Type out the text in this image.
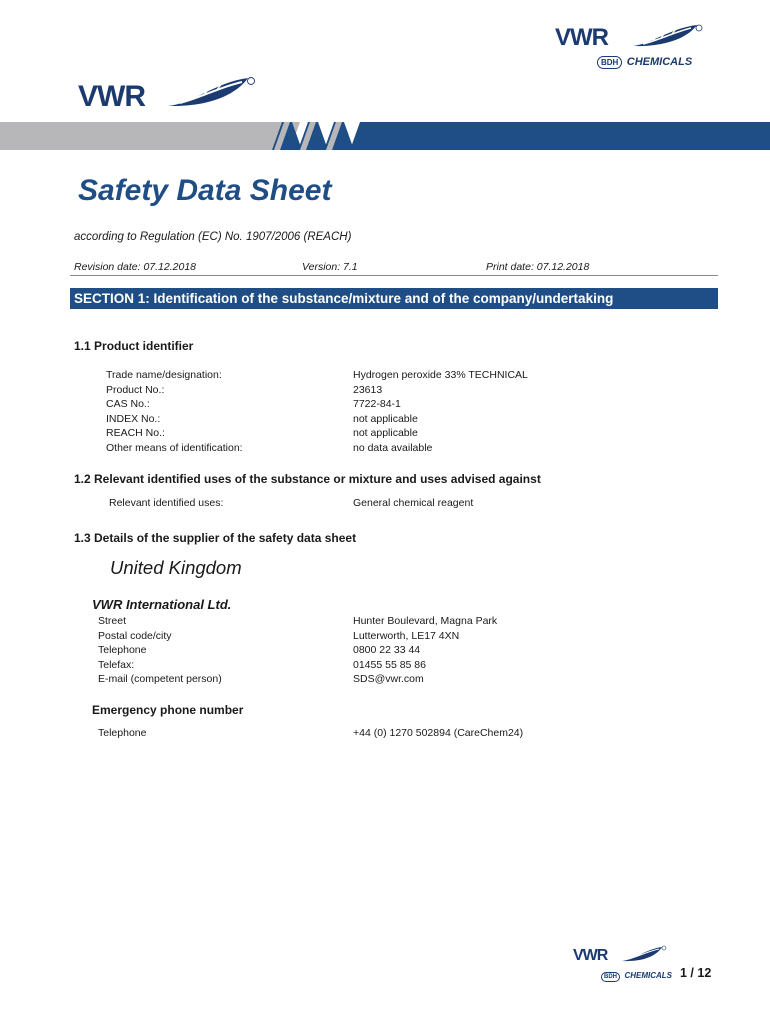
VWR
BDH CHEMICALS
VWR
Safety Data Sheet
according to Regulation (EC) No. 1907/2006 (REACH)
Revision date: 07.12.2018	Version: 7.1	Print date: 07.12.2018
SECTION 1: Identification of the substance/mixture and of the company/undertaking
1.1 Product identifier
Trade name/designation:	Hydrogen peroxide 33% TECHNICAL
Product No.:	23613
CAS No.:	7722-84-1
INDEX No.:	not applicable
REACH No.:	not applicable
Other means of identification:	no data available
1.2 Relevant identified uses of the substance or mixture and uses advised against
Relevant identified uses:	General chemical reagent
1.3 Details of the supplier of the safety data sheet
United Kingdom
VWR International Ltd.
Street	Hunter Boulevard, Magna Park
Postal code/city	Lutterworth, LE17 4XN
Telephone	0800 22 33 44
Telefax:	01455 55 85 86
E-mail (competent person)	SDS@vwr.com
Emergency phone number
Telephone	+44 (0) 1270 502894 (CareChem24)
VWR
BDH CHEMICALS 1 / 12
